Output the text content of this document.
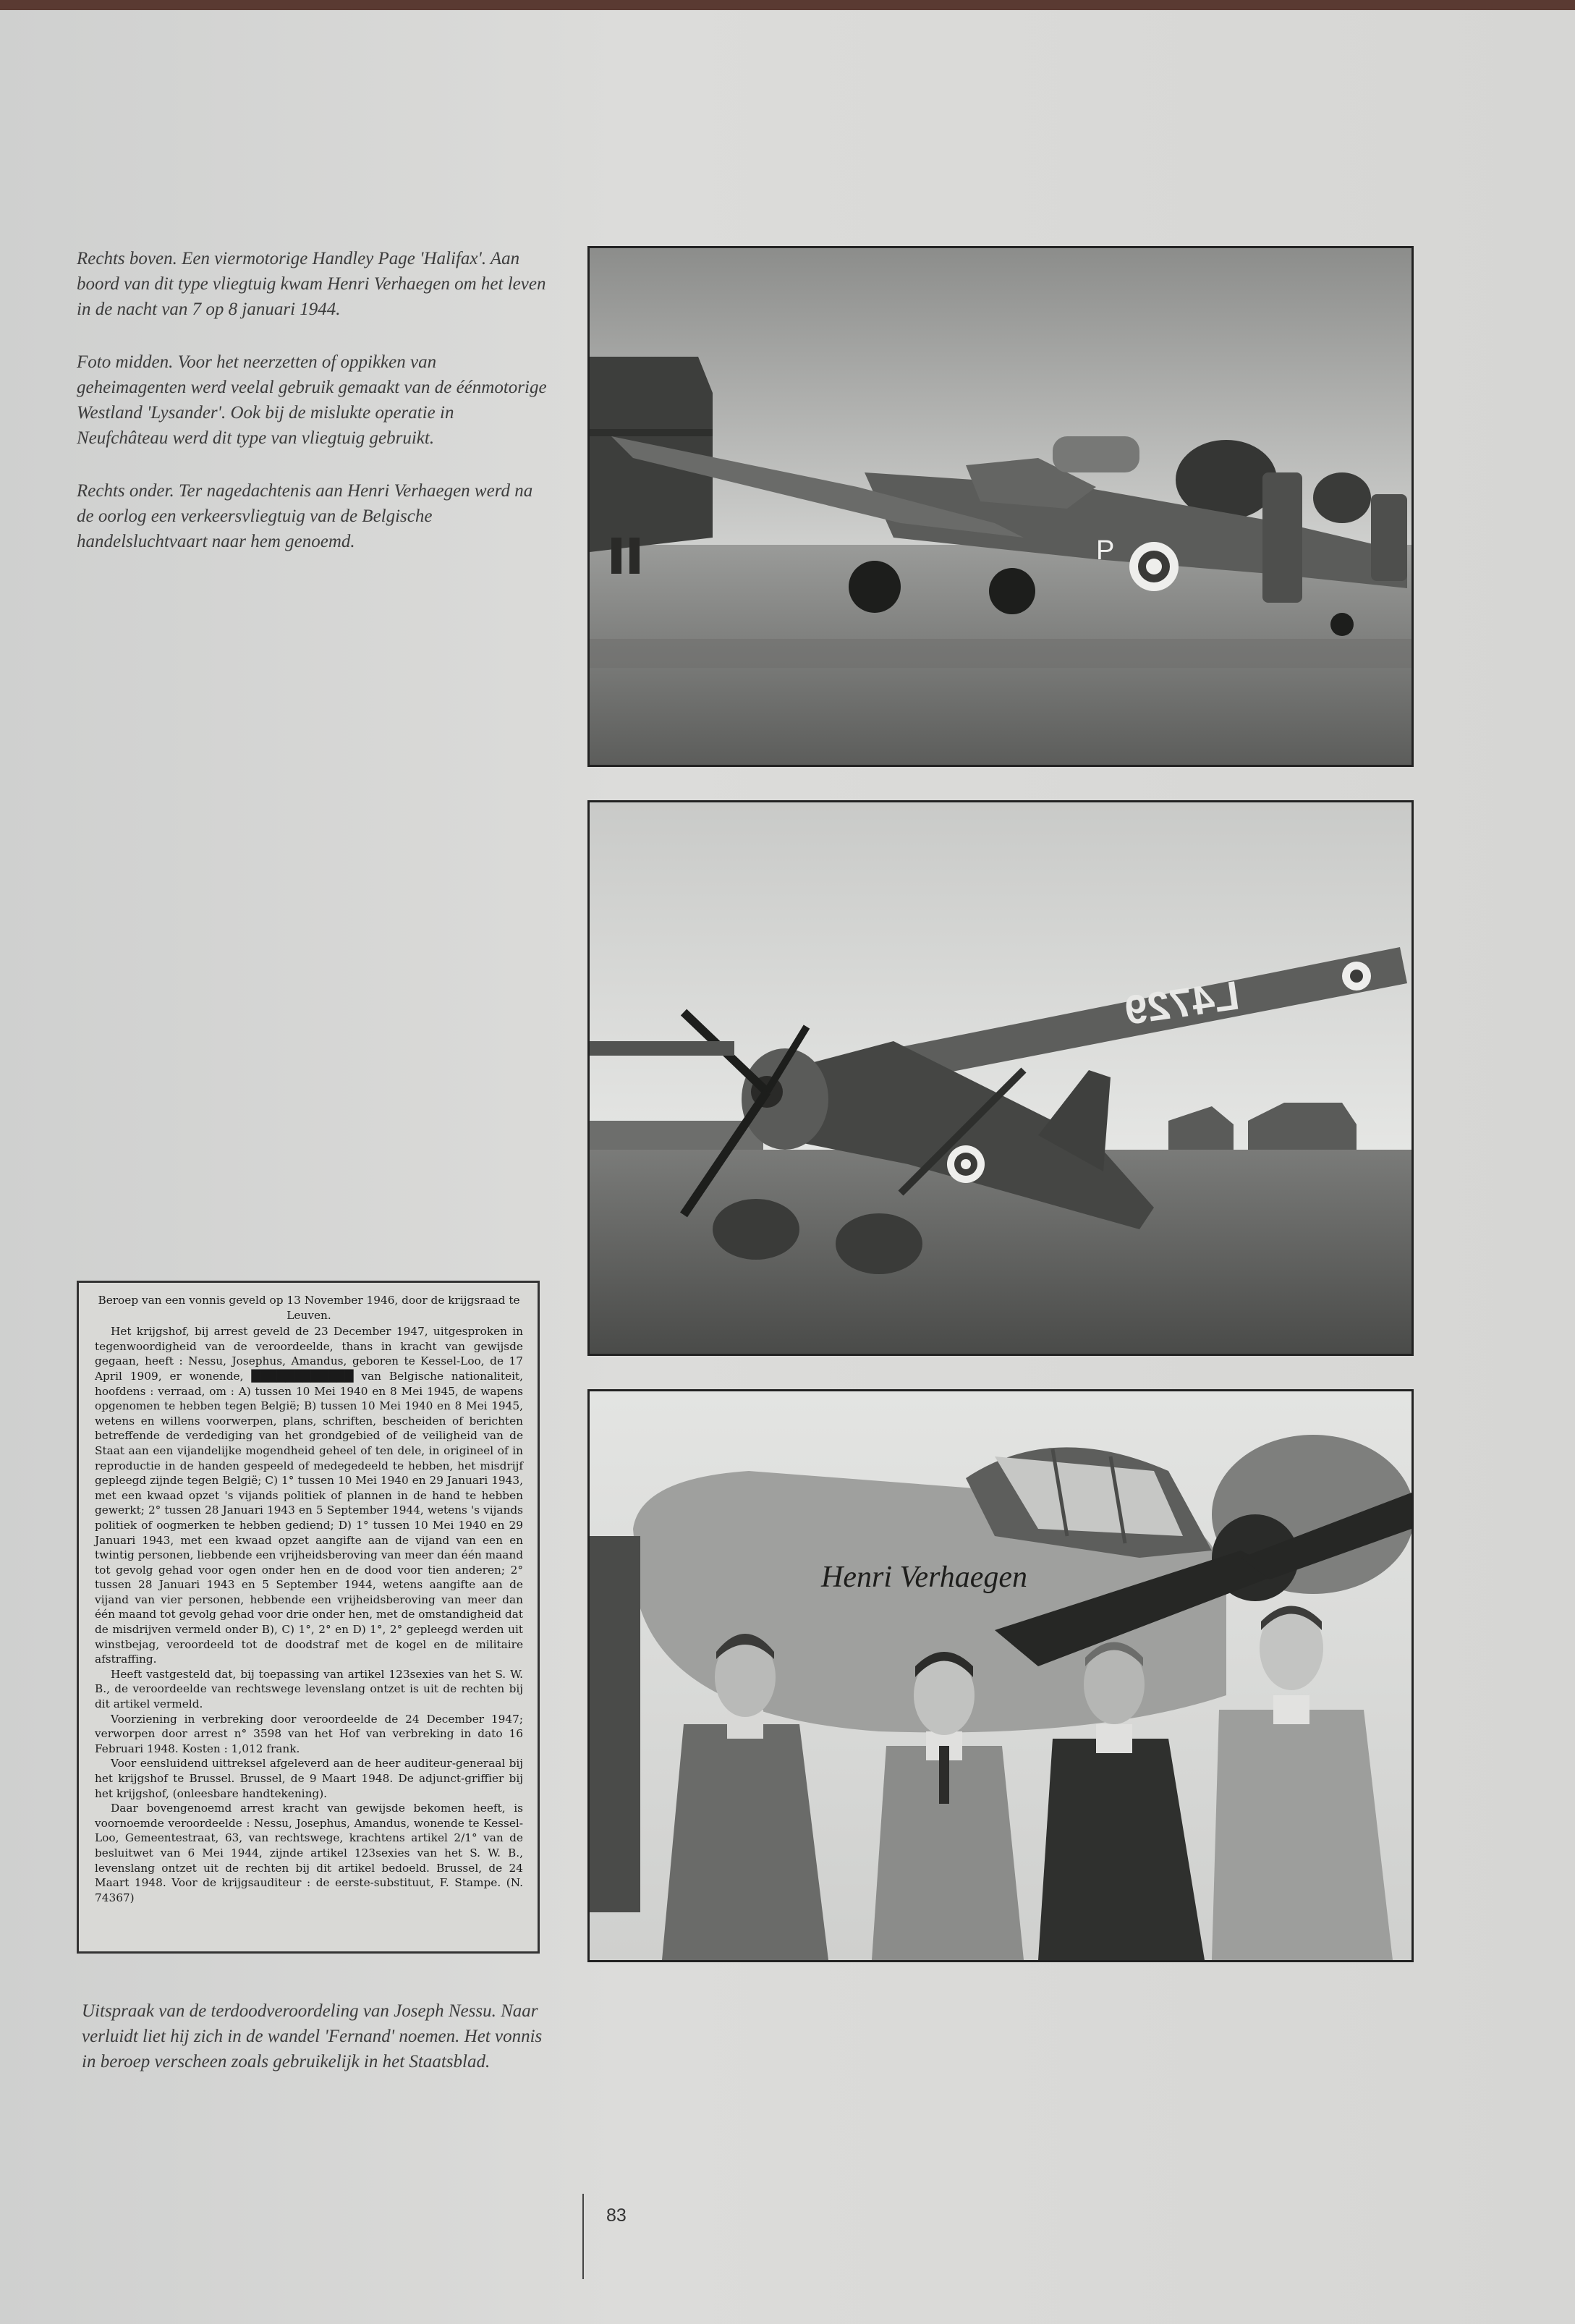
Rechts boven. Een viermotorige Handley Page 'Halifax'. Aan boord van dit type vliegtuig kwam Henri Verhaegen om het leven in de nacht van 7 op 8 januari 1944.

Foto midden. Voor het neerzetten of oppikken van geheimagenten werd veelal gebruik gemaakt van de éénmotorige Westland 'Lysander'. Ook bij de mislukte operatie in Neufchâteau werd dit type van vliegtuig gebruikt.

Rechts onder. Ter nagedachtenis aan Henri Verhaegen werd na de oorlog een verkeersvliegtuig van de Belgische handelsluchtvaart naar hem genoemd.	P
L4729
Henri Verhaegen
Beroep van een vonnis geveld op 13 November 1946, door de krijgsraad te Leuven.

Het krijgshof, bij arrest geveld de 23 December 1947, uitgesproken in tegenwoordigheid van de veroordeelde, thans in kracht van gewijsde gegaan, heeft : Nessu, Josephus, Amandus, geboren te Kessel-Loo, de 17 April 1909, er wonende, ████████████ van Belgische nationaliteit, hoofdens : verraad, om : A) tussen 10 Mei 1940 en 8 Mei 1945, de wapens opgenomen te hebben tegen België; B) tussen 10 Mei 1940 en 8 Mei 1945, wetens en willens voorwerpen, plans, schriften, bescheiden of berichten betreffende de verdediging van het grondgebied of de veiligheid van de Staat aan een vijandelijke mogendheid geheel of ten dele, in origineel of in reproductie in de handen gespeeld of medegedeeld te hebben, het misdrijf gepleegd zijnde tegen België; C) 1° tussen 10 Mei 1940 en 29 Januari 1943, met een kwaad opzet 's vijands politiek of plannen in de hand te hebben gewerkt; 2° tussen 28 Januari 1943 en 5 September 1944, wetens 's vijands politiek of oogmerken te hebben gediend; D) 1° tussen 10 Mei 1940 en 29 Januari 1943, met een kwaad opzet aangifte aan de vijand van een en twintig personen, liebbende een vrijheidsberoving van meer dan één maand tot gevolg gehad voor ogen onder hen en de dood voor tien anderen; 2° tussen 28 Januari 1943 en 5 September 1944, wetens aangifte aan de vijand van vier personen, hebbende een vrijheidsberoving van meer dan één maand tot gevolg gehad voor drie onder hen, met de omstandigheid dat de misdrijven vermeld onder B), C) 1°, 2° en D) 1°, 2° gepleegd werden uit winstbejag, veroordeeld tot de doodstraf met de kogel en de militaire afstraffing.

Heeft vastgesteld dat, bij toepassing van artikel 123sexies van het S. W. B., de veroordeelde van rechtswege levenslang ontzet is uit de rechten bij dit artikel vermeld.

Voorziening in verbreking door veroordeelde de 24 December 1947; verworpen door arrest n° 3598 van het Hof van verbreking in dato 16 Februari 1948. Kosten : 1,012 frank.

Voor eensluidend uittreksel afgeleverd aan de heer auditeur-generaal bij het krijgshof te Brussel. Brussel, de 9 Maart 1948. De adjunct-griffier bij het krijgshof, (onleesbare handtekening).

Daar bovengenoemd arrest kracht van gewijsde bekomen heeft, is voornoemde veroordeelde : Nessu, Josephus, Amandus, wonende te Kessel-Loo, Gemeentestraat, 63, van rechtswege, krachtens artikel 2/1° van de besluitwet van 6 Mei 1944, zijnde artikel 123sexies van het S. W. B., levenslang ontzet uit de rechten bij dit artikel bedoeld. Brussel, de 24 Maart 1948. Voor de krijgsauditeur : de eerste-substituut, F. Stampe. (N. 74367)

Uitspraak van de terdoodveroordeling van Joseph Nessu. Naar verluidt liet hij zich in de wandel 'Fernand' noemen. Het vonnis in beroep verscheen zoals gebruikelijk in het Staatsblad.
83
